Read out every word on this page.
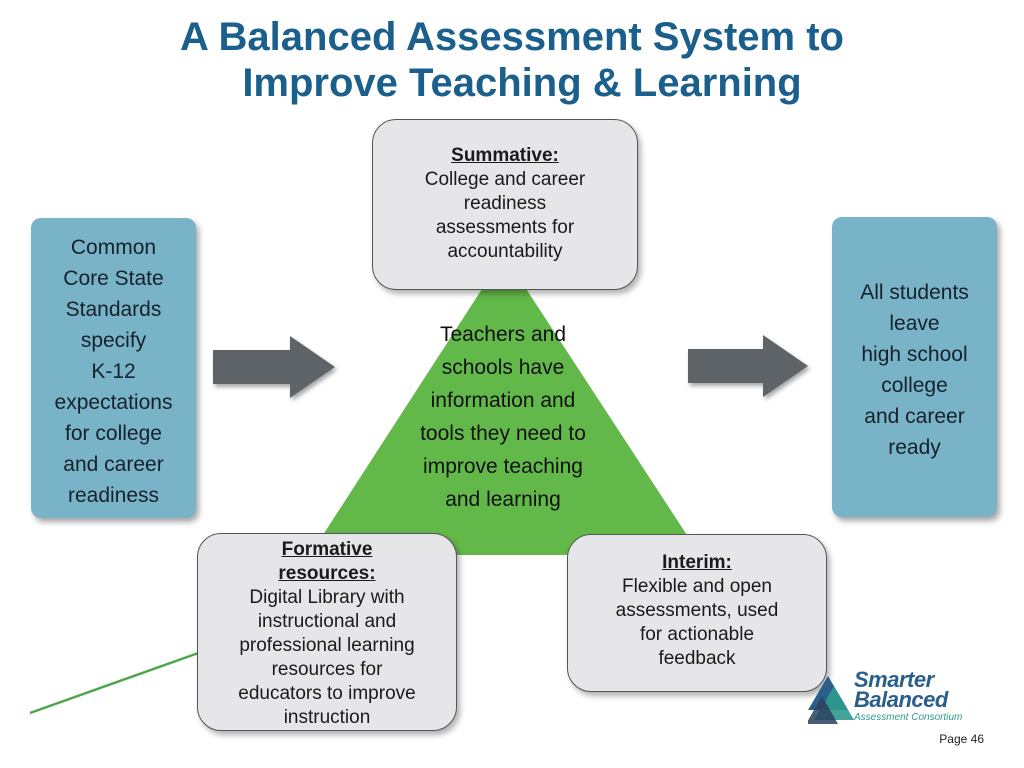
A Balanced Assessment System to
Improve Teaching & Learning
Common
Core State
Standards
specify
K-12
expectations
for college
and career
readiness
All students
leave
high school
college
and career
ready
Summative:
College and career
readiness
assessments for
accountability
Teachers and
schools have
information and
tools they need to
improve teaching
and learning
Formative
resources:
Digital Library with
instructional and
professional learning
resources for
educators to improve
instruction
Interim:
Flexible and open
assessments, used
for actionable
feedback
Smarter
Balanced
Assessment Consortium
Page 46
